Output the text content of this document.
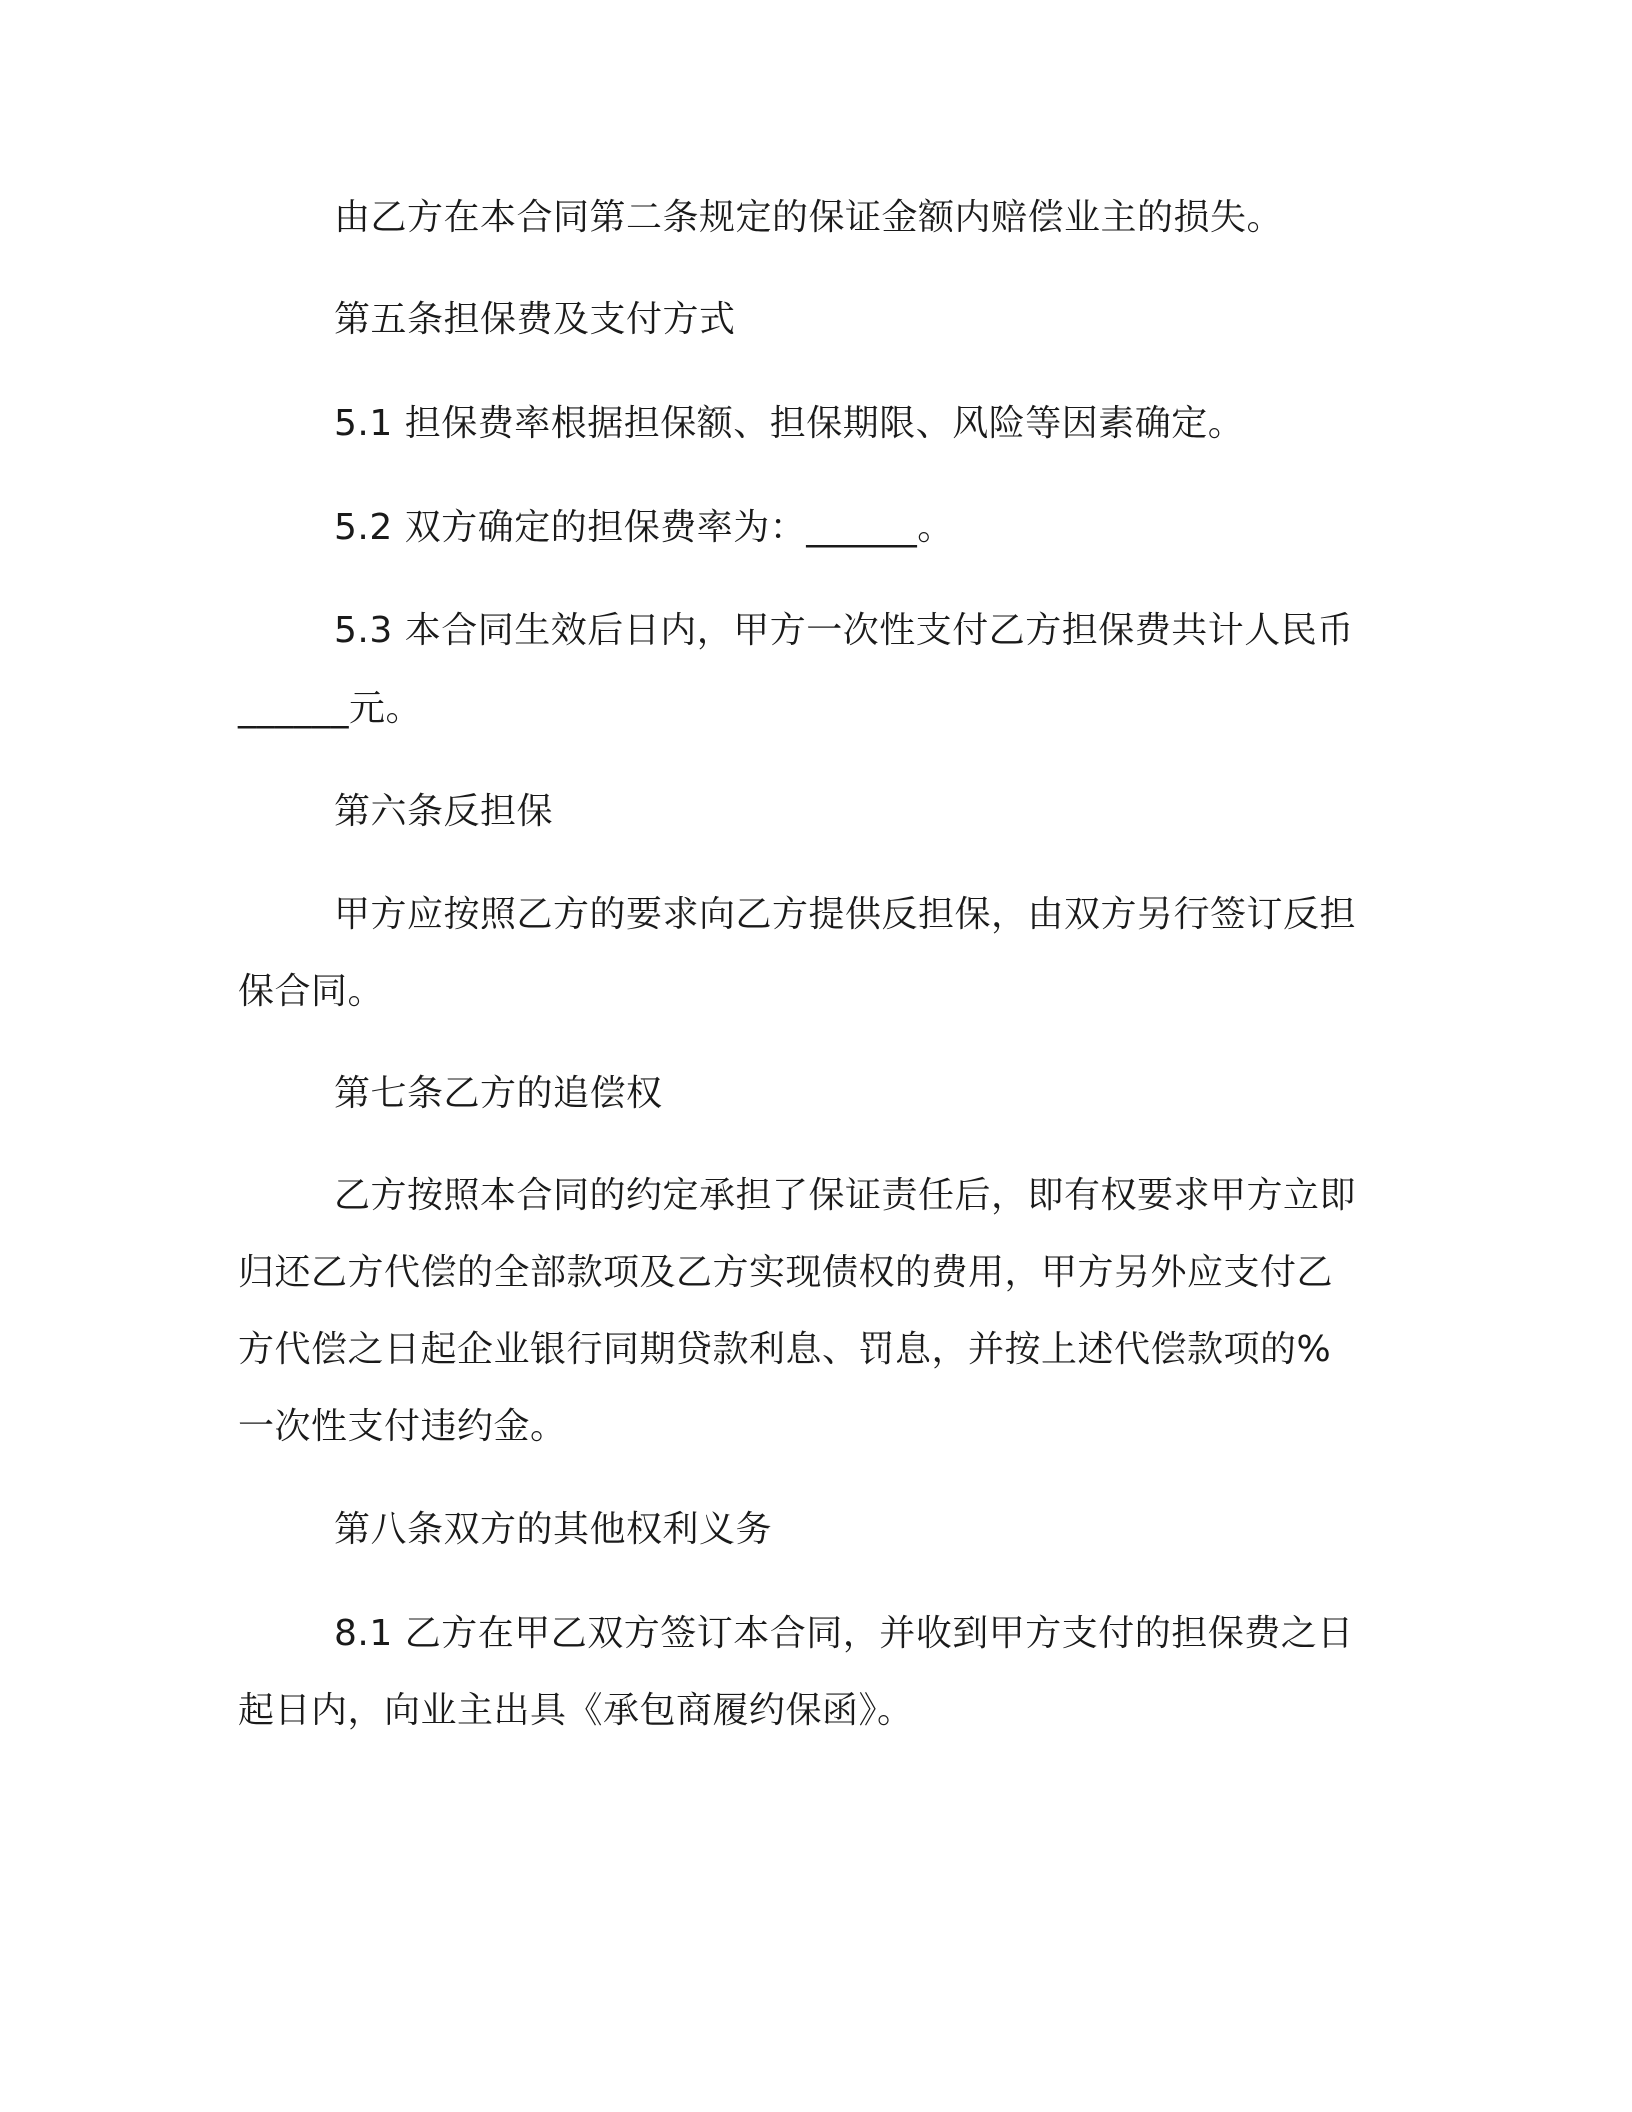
由乙方在本合同第二条规定的保证金额内赔偿业主的损失。
第五条担保费及支付方式
5.1 担保费率根据担保额、担保期限、风险等因素确定。
5.2 双方确定的担保费率为：______。
5.3 本合同生效后日内，甲方一次性支付乙方担保费共计人民币
______元。
第六条反担保
甲方应按照乙方的要求向乙方提供反担保，由双方另行签订反担
保合同。
第七条乙方的追偿权
乙方按照本合同的约定承担了保证责任后，即有权要求甲方立即
归还乙方代偿的全部款项及乙方实现债权的费用，甲方另外应支付乙
方代偿之日起企业银行同期贷款利息、罚息，并按上述代偿款项的%
一次性支付违约金。
第八条双方的其他权利义务
8.1 乙方在甲乙双方签订本合同，并收到甲方支付的担保费之日
起日内，向业主出具《承包商履约保函》。
